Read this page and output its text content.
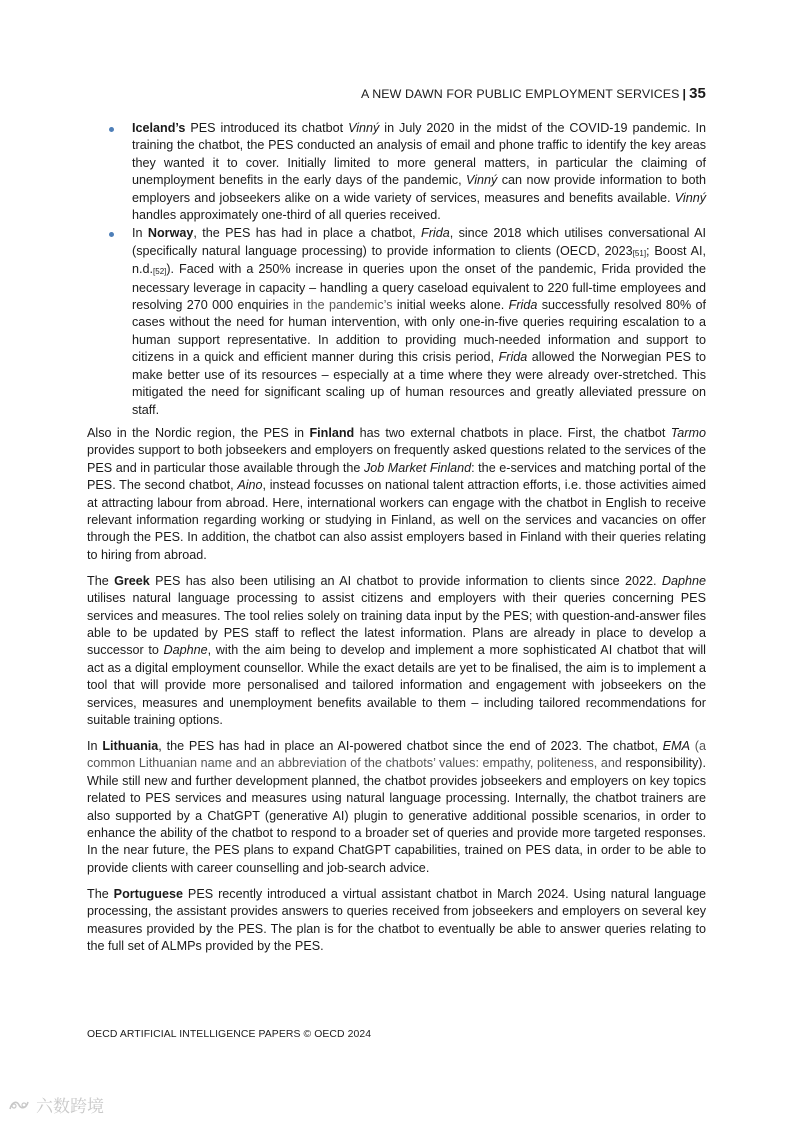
A NEW DAWN FOR PUBLIC EMPLOYMENT SERVICES | 35
Iceland’s PES introduced its chatbot Vinný in July 2020 in the midst of the COVID-19 pandemic. In training the chatbot, the PES conducted an analysis of email and phone traffic to identify the key areas they wanted it to cover. Initially limited to more general matters, in particular the claiming of unemployment benefits in the early days of the pandemic, Vinný can now provide information to both employers and jobseekers alike on a wide variety of services, measures and benefits available. Vinný handles approximately one-third of all queries received.
In Norway, the PES has had in place a chatbot, Frida, since 2018 which utilises conversational AI (specifically natural language processing) to provide information to clients (OECD, $2023_{[51]}$; Boost AI, $n.d._{[52]}$). Faced with a 250% increase in queries upon the onset of the pandemic, Frida provided the necessary leverage in capacity – handling a query caseload equivalent to 220 full-time employees and resolving 270 000 enquiries in the pandemic’s initial weeks alone. Frida successfully resolved 80% of cases without the need for human intervention, with only one-in-five queries requiring escalation to a human support representative. In addition to providing much-needed information and support to citizens in a quick and efficient manner during this crisis period, Frida allowed the Norwegian PES to make better use of its resources – especially at a time where they were already over-stretched. This mitigated the need for significant scaling up of human resources and greatly alleviated pressure on staff.

Also in the Nordic region, the PES in Finland has two external chatbots in place. First, the chatbot Tarmo provides support to both jobseekers and employers on frequently asked questions related to the services of the PES and in particular those available through the Job Market Finland: the e-services and matching portal of the PES. The second chatbot, Aino, instead focusses on national talent attraction efforts, i.e. those activities aimed at attracting labour from abroad. Here, international workers can engage with the chatbot in English to receive relevant information regarding working or studying in Finland, as well on the services and vacancies on offer through the PES. In addition, the chatbot can also assist employers based in Finland with their queries relating to hiring from abroad.

The Greek PES has also been utilising an AI chatbot to provide information to clients since 2022. Daphne utilises natural language processing to assist citizens and employers with their queries concerning PES services and measures. The tool relies solely on training data input by the PES; with question-and-answer files able to be updated by PES staff to reflect the latest information. Plans are already in place to develop a successor to Daphne, with the aim being to develop and implement a more sophisticated AI chatbot that will act as a digital employment counsellor. While the exact details are yet to be finalised, the aim is to implement a tool that will provide more personalised and tailored information and engagement with jobseekers on the services, measures and unemployment benefits available to them – including tailored recommendations for suitable training options.

In Lithuania, the PES has had in place an AI-powered chatbot since the end of 2023. The chatbot, EMA (a common Lithuanian name and an abbreviation of the chatbots’ values: empathy, politeness, and responsibility). While still new and further development planned, the chatbot provides jobseekers and employers on key topics related to PES services and measures using natural language processing. Internally, the chatbot trainers are also supported by a ChatGPT (generative AI) plugin to generative additional possible scenarios, in order to enhance the ability of the chatbot to respond to a broader set of queries and provide more targeted responses. In the near future, the PES plans to expand ChatGPT capabilities, trained on PES data, in order to be able to provide clients with career counselling and job-search advice.

The Portuguese PES recently introduced a virtual assistant chatbot in March 2024. Using natural language processing, the assistant provides answers to queries received from jobseekers and employers on several key measures provided by the PES. The plan is for the chatbot to eventually be able to answer queries relating to the full set of ALMPs provided by the PES.

OECD ARTIFICIAL INTELLIGENCE PAPERS © OECD 2024
六数跨境
